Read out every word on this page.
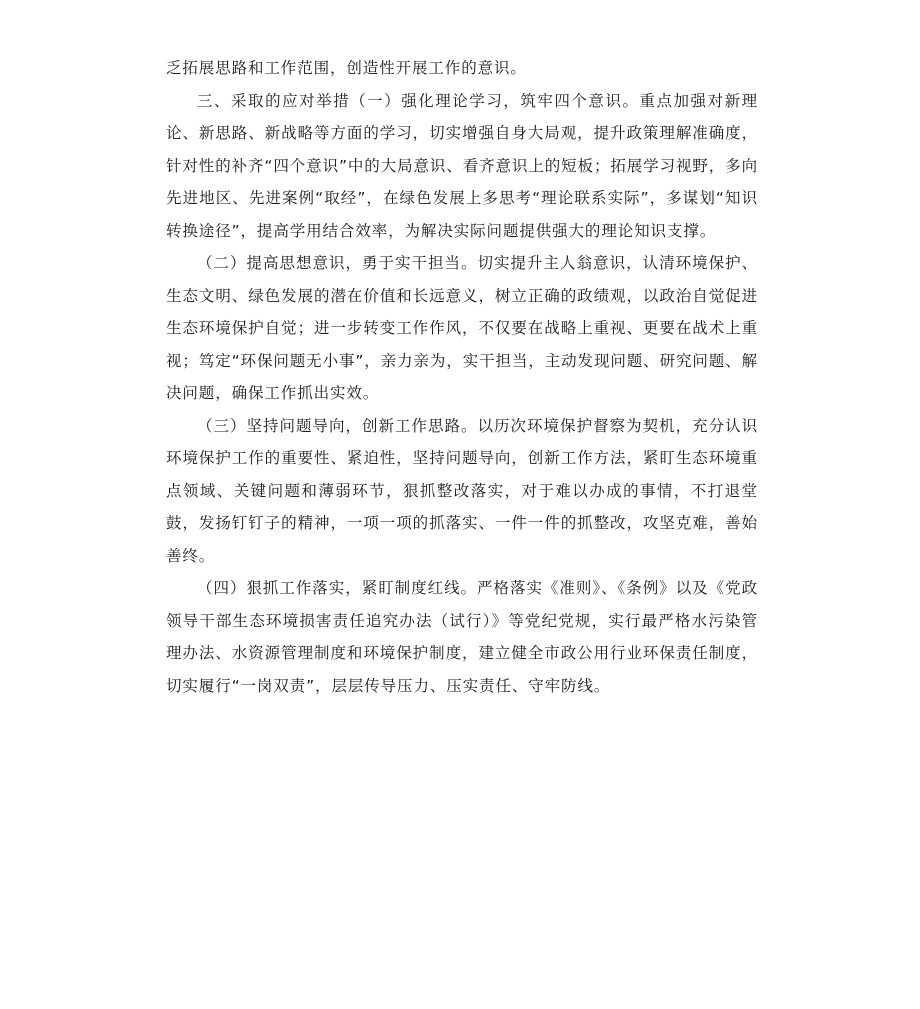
乏拓展思路和工作范围，创造性开展工作的意识。

三、采取的应对举措（一）强化理论学习，筑牢四个意识。重点加强对新理论、新思路、新战略等方面的学习，切实增强自身大局观，提升政策理解准确度，针对性的补齐“四个意识”中的大局意识、看齐意识上的短板；拓展学习视野，多向先进地区、先进案例“取经”，在绿色发展上多思考“理论联系实际”，多谋划“知识转换途径”，提高学用结合效率，为解决实际问题提供强大的理论知识支撑。

（二）提高思想意识，勇于实干担当。切实提升主人翁意识，认清环境保护、生态文明、绿色发展的潜在价值和长远意义，树立正确的政绩观，以政治自觉促进生态环境保护自觉；进一步转变工作作风，不仅要在战略上重视、更要在战术上重视；笃定“环保问题无小事”，亲力亲为，实干担当，主动发现问题、研究问题、解决问题，确保工作抓出实效。

（三）坚持问题导向，创新工作思路。以历次环境保护督察为契机，充分认识环境保护工作的重要性、紧迫性，坚持问题导向，创新工作方法，紧盯生态环境重点领域、关键问题和薄弱环节，狠抓整改落实，对于难以办成的事情，不打退堂鼓，发扬钉钉子的精神，一项一项的抓落实、一件一件的抓整改，攻坚克难，善始善终。

（四）狠抓工作落实，紧盯制度红线。严格落实《准则》、《条例》以及《党政领导干部生态环境损害责任追究办法（试行）》等党纪党规，实行最严格水污染管理办法、水资源管理制度和环境保护制度，建立健全市政公用行业环保责任制度，切实履行“一岗双责”，层层传导压力、压实责任、守牢防线。
